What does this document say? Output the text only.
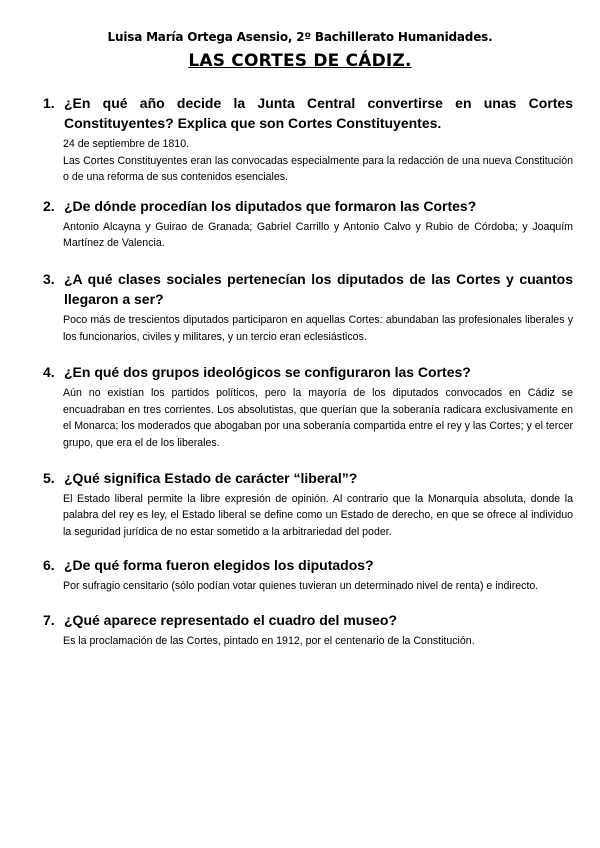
Luisa María Ortega Asensio, 2º Bachillerato Humanidades.
LAS CORTES DE CÁDIZ.
1. ¿En qué año decide la Junta Central convertirse en unas Cortes Constituyentes? Explica que son Cortes Constituyentes.

24 de septiembre de 1810.

Las Cortes Constituyentes eran las convocadas especialmente para la redacción de una nueva Constitución o de una reforma de sus contenidos esenciales.

2. ¿De dónde procedían los diputados que formaron las Cortes?

Antonio Alcayna y Guirao de Granada; Gabriel Carrillo y Antonio Calvo y Rubio de Córdoba; y Joaquím Martínez de Valencia.

3. ¿A qué clases sociales pertenecían los diputados de las Cortes y cuantos llegaron a ser?

Poco más de trescientos diputados participaron en aquellas Cortes: abundaban las profesionales liberales y los funcionarios, civiles y militares, y un tercio eran eclesiásticos.

4. ¿En qué dos grupos ideológicos se configuraron las Cortes?

Aún no existían los partidos políticos, pero la mayoría de los diputados convocados en Cádiz se encuadraban en tres corrientes. Los absolutistas, que querían que la soberanía radicara exclusivamente en el Monarca; los moderados que abogaban por una soberanía compartida entre el rey y las Cortes; y el tercer grupo, que era el de los liberales.

5. ¿Qué significa Estado de carácter “liberal”?

El Estado liberal permite la libre expresión de opinión. Al contrario que la Monarquía absoluta, donde la palabra del rey es ley, el Estado liberal se define como un Estado de derecho, en que se ofrece al individuo la seguridad jurídica de no estar sometido a la arbitrariedad del poder.

6. ¿De qué forma fueron elegidos los diputados?

Por sufragio censitario (sólo podían votar quienes tuvieran un determinado nivel de renta) e indirecto.

7. ¿Qué aparece representado el cuadro del museo?

Es la proclamación de las Cortes, pintado en 1912, por el centenario de la Constitución.
